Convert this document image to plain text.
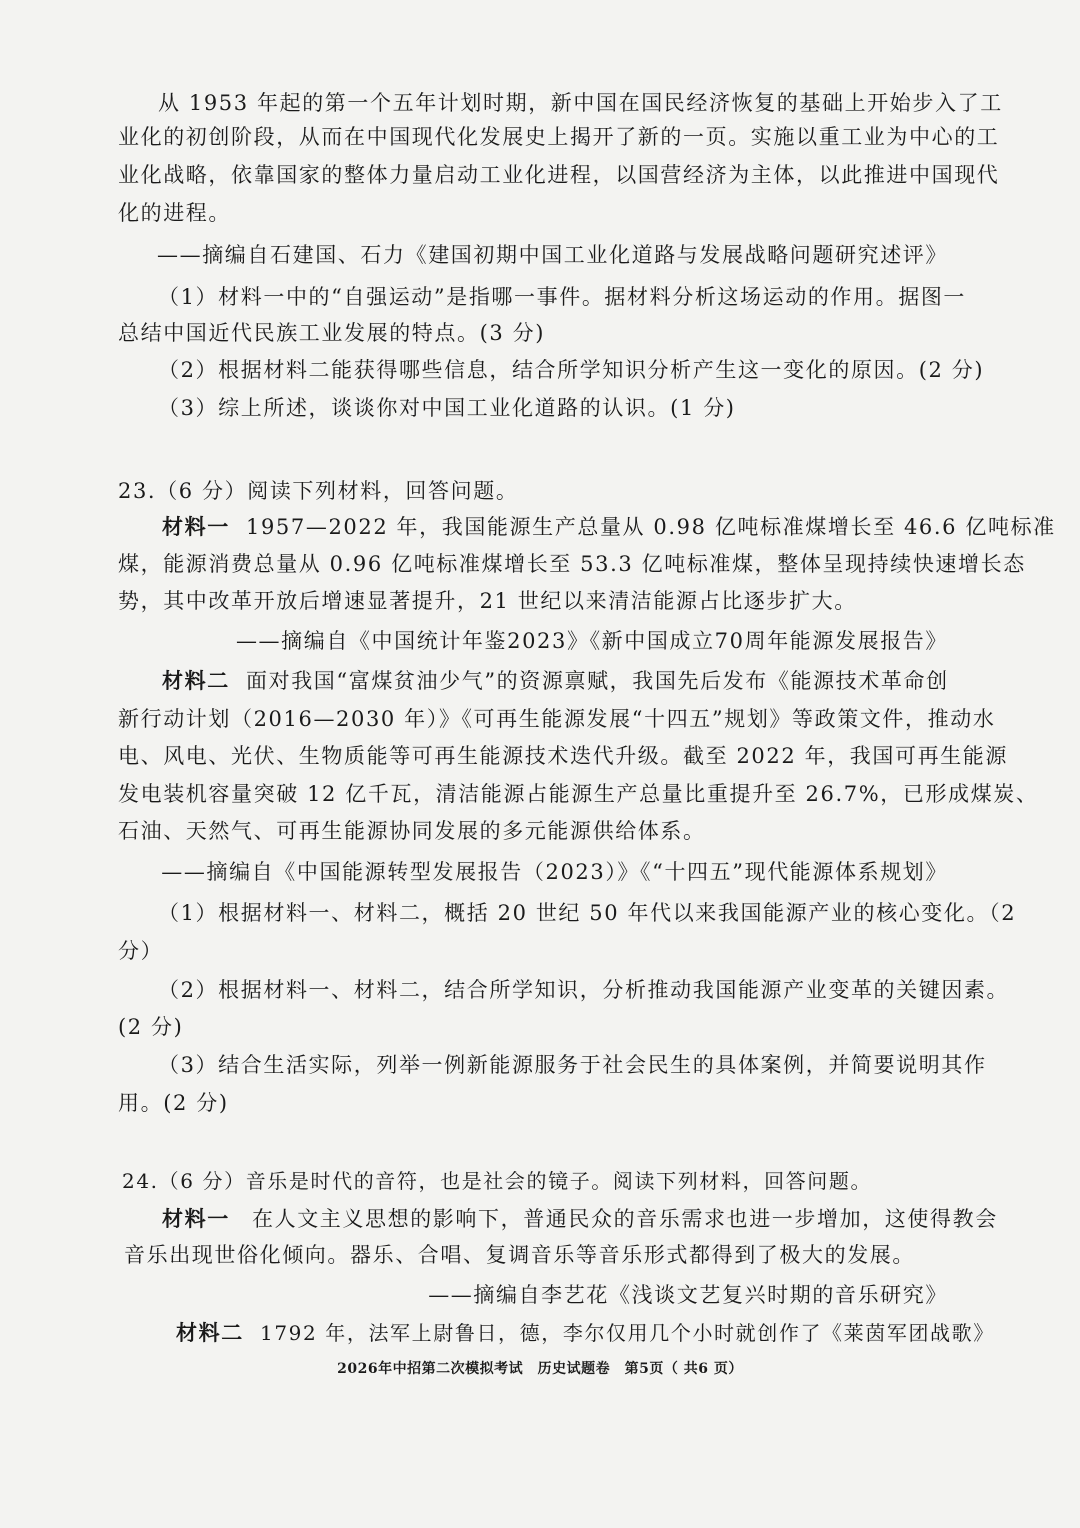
从 1953 年起的第一个五年计划时期，新中国在国民经济恢复的基础上开始步入了工
业化的初创阶段，从而在中国现代化发展史上揭开了新的一页。实施以重工业为中心的工
业化战略，依靠国家的整体力量启动工业化进程，以国营经济为主体，以此推进中国现代
化的进程。
——摘编自石建国、石力《建国初期中国工业化道路与发展战略问题研究述评》
（1）材料一中的“自强运动”是指哪一事件。据材料分析这场运动的作用。据图一
总结中国近代民族工业发展的特点。(3 分)
（2）根据材料二能获得哪些信息，结合所学知识分析产生这一变化的原因。(2 分)
（3）综上所述，谈谈你对中国工业化道路的认识。(1 分)
23.（6 分）阅读下列材料，回答问题。
材料一 1957—2022 年，我国能源生产总量从 0.98 亿吨标准煤增长至 46.6 亿吨标准
煤，能源消费总量从 0.96 亿吨标准煤增长至 53.3 亿吨标准煤，整体呈现持续快速增长态
势，其中改革开放后增速显著提升，21 世纪以来清洁能源占比逐步扩大。
——摘编自《中国统计年鉴2023》《新中国成立70周年能源发展报告》
材料二 面对我国“富煤贫油少气”的资源禀赋，我国先后发布《能源技术革命创
新行动计划（2016—2030 年）》《可再生能源发展“十四五”规划》等政策文件，推动水
电、风电、光伏、生物质能等可再生能源技术迭代升级。截至 2022 年，我国可再生能源
发电装机容量突破 12 亿千瓦，清洁能源占能源生产总量比重提升至 26.7%，已形成煤炭、
石油、天然气、可再生能源协同发展的多元能源供给体系。
——摘编自《中国能源转型发展报告（2023）》《“十四五”现代能源体系规划》
（1）根据材料一、材料二，概括 20 世纪 50 年代以来我国能源产业的核心变化。（2
分）
（2）根据材料一、材料二，结合所学知识，分析推动我国能源产业变革的关键因素。
(2 分)
（3）结合生活实际，列举一例新能源服务于社会民生的具体案例，并简要说明其作
用。(2 分)
24.（6 分）音乐是时代的音符，也是社会的镜子。阅读下列材料，回答问题。
材料一 在人文主义思想的影响下，普通民众的音乐需求也进一步增加，这使得教会
音乐出现世俗化倾向。器乐、合唱、复调音乐等音乐形式都得到了极大的发展。
——摘编自李艺花《浅谈文艺复兴时期的音乐研究》
材料二 1792 年，法军上尉鲁日，德，李尔仅用几个小时就创作了《莱茵军团战歌》
2026年中招第二次模拟考试　历史试题卷　第5页（ 共6 页）
